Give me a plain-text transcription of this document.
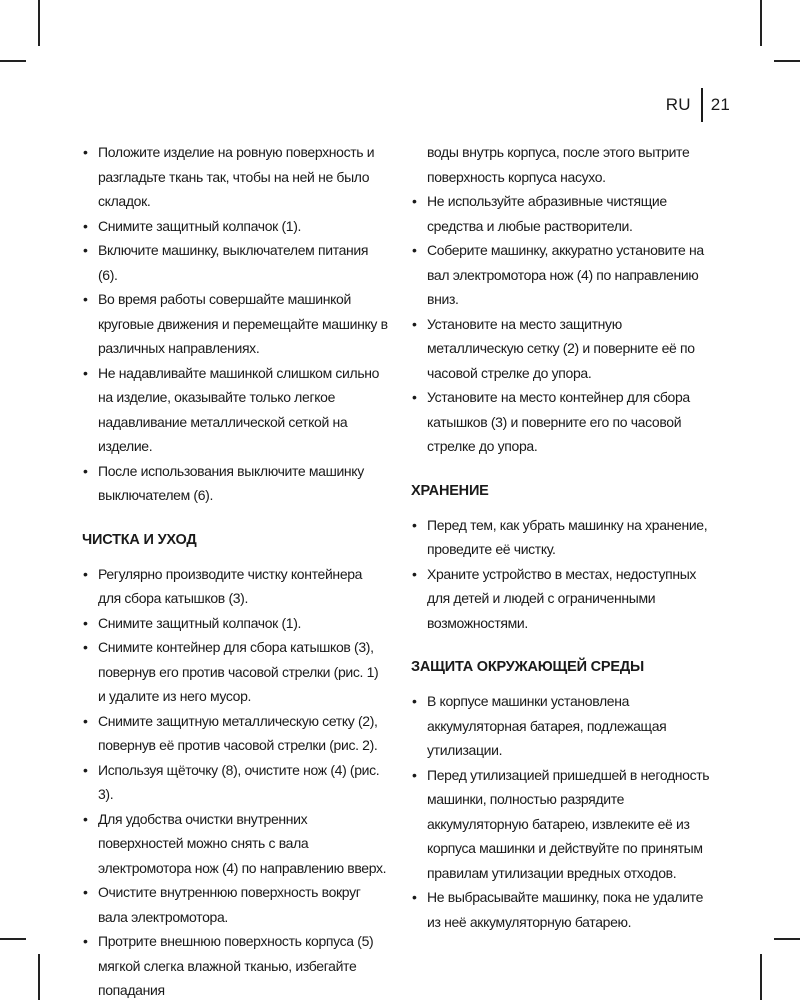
RU	21
• Положите изделие на ровную поверхность и разгладьте ткань так, чтобы на ней не было складок.
• Снимите защитный колпачок (1).
• Включите машинку, выключателем питания (6).
• Во время работы совершайте машинкой круговые движения и перемещайте машинку в различных направлениях.
• Не надавливайте машинкой слишком сильно на изделие, оказывайте только легкое надавливание металлической сеткой на изделие.
• После использования выключите машинку выключателем (6).
ЧИСТКА И УХОД
• Регулярно производите чистку контейнера для сбора катышков (3).
• Снимите защитный колпачок (1).
• Снимите контейнер для сбора катышков (3), повернув его против часовой стрелки (рис. 1) и удалите из него мусор.
• Снимите защитную металлическую сетку (2), повернув её против часовой стрелки (рис. 2).
• Используя щёточку (8), очистите нож (4) (рис. 3).
• Для удобства очистки внутренних поверхностей можно снять с вала электромотора нож (4) по направлению вверх.
• Очистите внутреннюю поверхность вокруг вала электромотора.
• Протрите внешнюю поверхность корпуса (5) мягкой слегка влажной тканью, избегайте попадания
воды внутрь корпуса, после этого вытрите поверхность корпуса насухо.
• Не используйте абразивные чистящие средства и любые растворители.
• Соберите машинку, аккуратно установите на вал электромотора нож (4) по направлению вниз.
• Установите на место защитную металлическую сетку (2) и поверните её по часовой стрелке до упора.
• Установите на место контейнер для сбора катышков (3) и поверните его по часовой стрелке до упора.
ХРАНЕНИЕ
• Перед тем, как убрать машинку на хранение, проведите её чистку.
• Храните устройство в местах, недоступных для детей и людей с ограниченными возможностями.
ЗАЩИТА ОКРУЖАЮЩЕЙ СРЕДЫ
• В корпусе машинки установлена аккумуляторная батарея, подлежащая утилизации.
• Перед утилизацией пришедшей в негодность машинки, полностью разрядите аккумуляторную батарею, извлеките её из корпуса машинки и действуйте по принятым правилам утилизации вредных отходов.
• Не выбрасывайте машинку, пока не удалите из неё аккумуляторную батарею.
